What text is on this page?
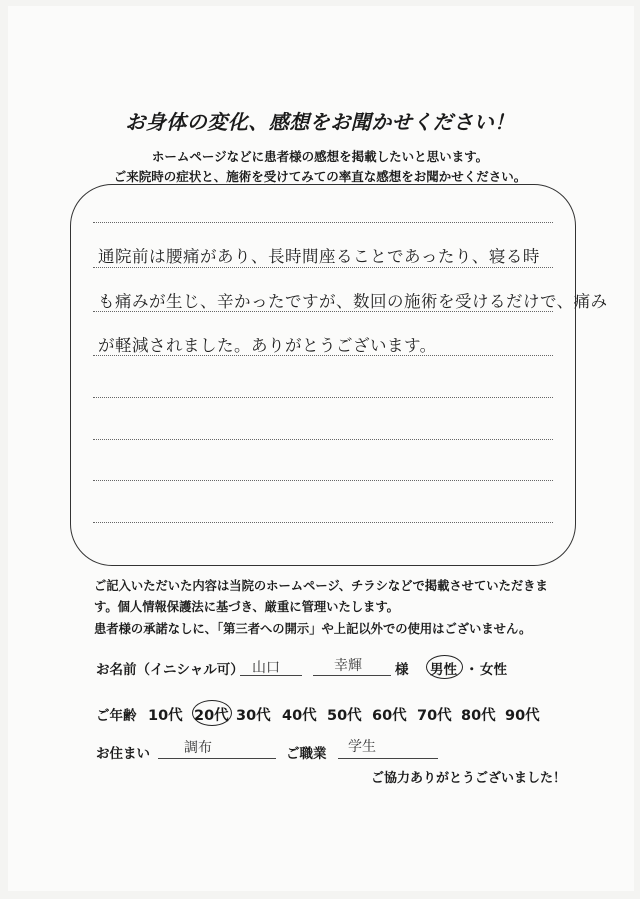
お身体の変化、感想をお聞かせください！
ホームページなどに患者様の感想を掲載したいと思います。
ご来院時の症状と、施術を受けてみての率直な感想をお聞かせください。
通院前は腰痛があり、長時間座ることであったり、寝る時
も痛みが生じ、辛かったですが、数回の施術を受けるだけで、痛み
が軽減されました。ありがとうございます。
ご記入いただいた内容は当院のホームページ、チラシなどで掲載させていただきま
す。個人情報保護法に基づき、厳重に管理いたします。
患者様の承諾なしに、「第三者への開示」や上記以外での使用はございません。
お名前（イニシャル可） 山口	幸輝 様 男性 ・ 女性
ご年齢 10代 20代 30代 40代 50代 60代 70代 80代 90代
お住まい 調布	ご職業 学生
ご協力ありがとうございました！
